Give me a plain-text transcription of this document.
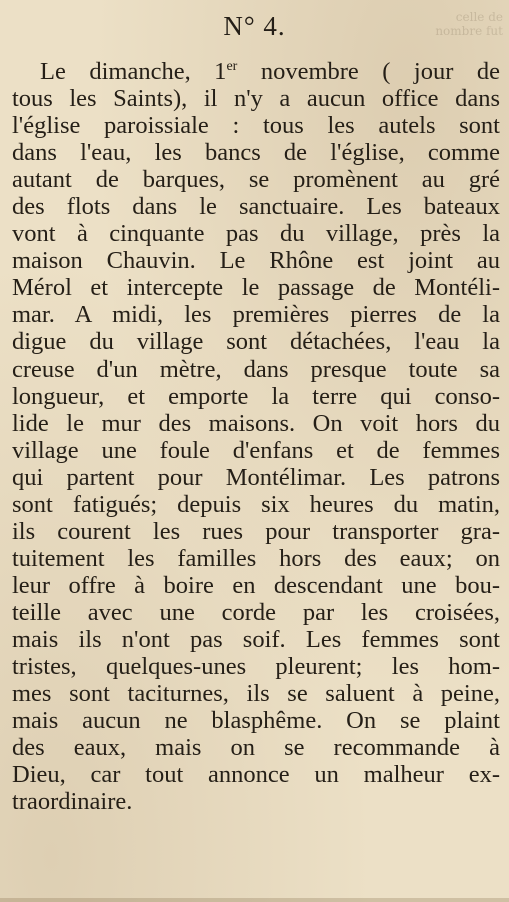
celle de
nombre fut

N° 4.
Le dimanche, 1er novembre ( jour de
tous les Saints), il n'y a aucun office dans
l'église paroissiale : tous les autels sont
dans l'eau, les bancs de l'église, comme
autant de barques, se promènent au gré
des flots dans le sanctuaire. Les bateaux
vont à cinquante pas du village, près la
maison Chauvin. Le Rhône est joint au
Mérol et intercepte le passage de Montéli-
mar. A midi, les premières pierres de la
digue du village sont détachées, l'eau la
creuse d'un mètre, dans presque toute sa
longueur, et emporte la terre qui conso-
lide le mur des maisons. On voit hors du
village une foule d'enfans et de femmes
qui partent pour Montélimar. Les patrons
sont fatigués; depuis six heures du matin,
ils courent les rues pour transporter gra-
tuitement les familles hors des eaux; on
leur offre à boire en descendant une bou-
teille avec une corde par les croisées,
mais ils n'ont pas soif. Les femmes sont
tristes, quelques-unes pleurent; les hom-
mes sont taciturnes, ils se saluent à peine,
mais aucun ne blasphême. On se plaint
des eaux, mais on se recommande à
Dieu, car tout annonce un malheur ex-
traordinaire.
